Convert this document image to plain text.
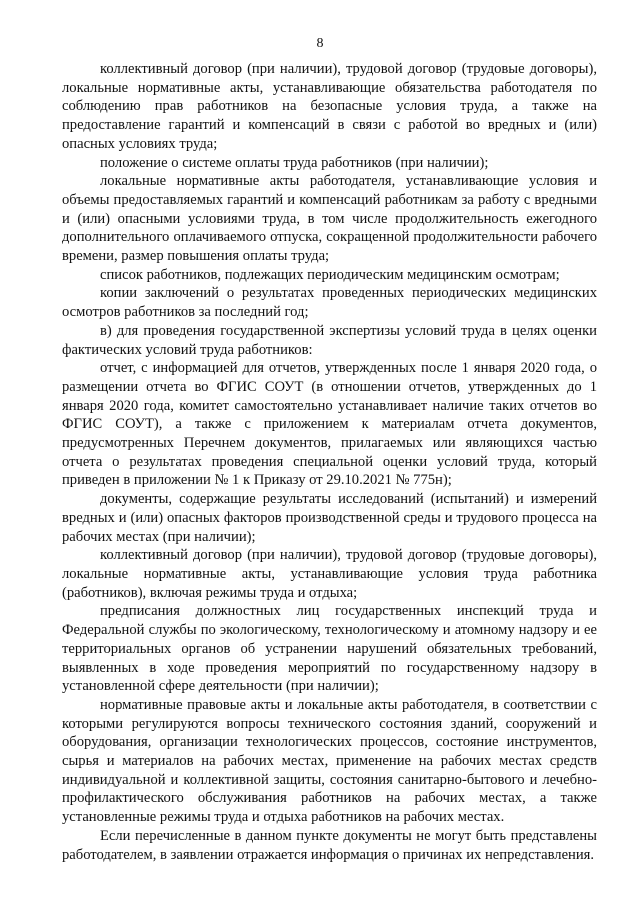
8

коллективный договор (при наличии), трудовой договор (трудовые договоры), локальные нормативные акты, устанавливающие обязательства работодателя по соблюдению прав работников на безопасные условия труда, а также на предоставление гарантий и компенсаций в связи с работой во вредных и (или) опасных условиях труда;

положение о системе оплаты труда работников (при наличии);

локальные нормативные акты работодателя, устанавливающие условия и объемы предоставляемых гарантий и компенсаций работникам за работу с вредными и (или) опасными условиями труда, в том числе продолжительность ежегодного дополнительного оплачиваемого отпуска, сокращенной продолжительности рабочего времени, размер повышения оплаты труда;

список работников, подлежащих периодическим медицинским осмотрам;

копии заключений о результатах проведенных периодических медицинских осмотров работников за последний год;

в) для проведения государственной экспертизы условий труда в целях оценки фактических условий труда работников:

отчет, с информацией для отчетов, утвержденных после 1 января 2020 года, о размещении отчета во ФГИС СОУТ (в отношении отчетов, утвержденных до 1 января 2020 года, комитет самостоятельно устанавливает наличие таких отчетов во ФГИС СОУТ), а также с приложением к материалам отчета документов, предусмотренных Перечнем документов, прилагаемых или являющихся частью отчета о результатах проведения специальной оценки условий труда, который приведен в приложении № 1 к Приказу от 29.10.2021 № 775н);

документы, содержащие результаты исследований (испытаний) и измерений вредных и (или) опасных факторов производственной среды и трудового процесса на рабочих местах (при наличии);

коллективный договор (при наличии), трудовой договор (трудовые договоры), локальные нормативные акты, устанавливающие условия труда работника (работников), включая режимы труда и отдыха;

предписания должностных лиц государственных инспекций труда и Федеральной службы по экологическому, технологическому и атомному надзору и ее территориальных органов об устранении нарушений обязательных требований, выявленных в ходе проведения мероприятий по государственному надзору в установленной сфере деятельности (при наличии);

нормативные правовые акты и локальные акты работодателя, в соответствии с которыми регулируются вопросы технического состояния зданий, сооружений и оборудования, организации технологических процессов, состояние инструментов, сырья и материалов на рабочих местах, применение на рабочих местах средств индивидуальной и коллективной защиты, состояния санитарно-бытового и лечебно-профилактического обслуживания работников на рабочих местах, а также установленные режимы труда и отдыха работников на рабочих местах.

Если перечисленные в данном пункте документы не могут быть представлены работодателем, в заявлении отражается информация о причинах их непредставления.
